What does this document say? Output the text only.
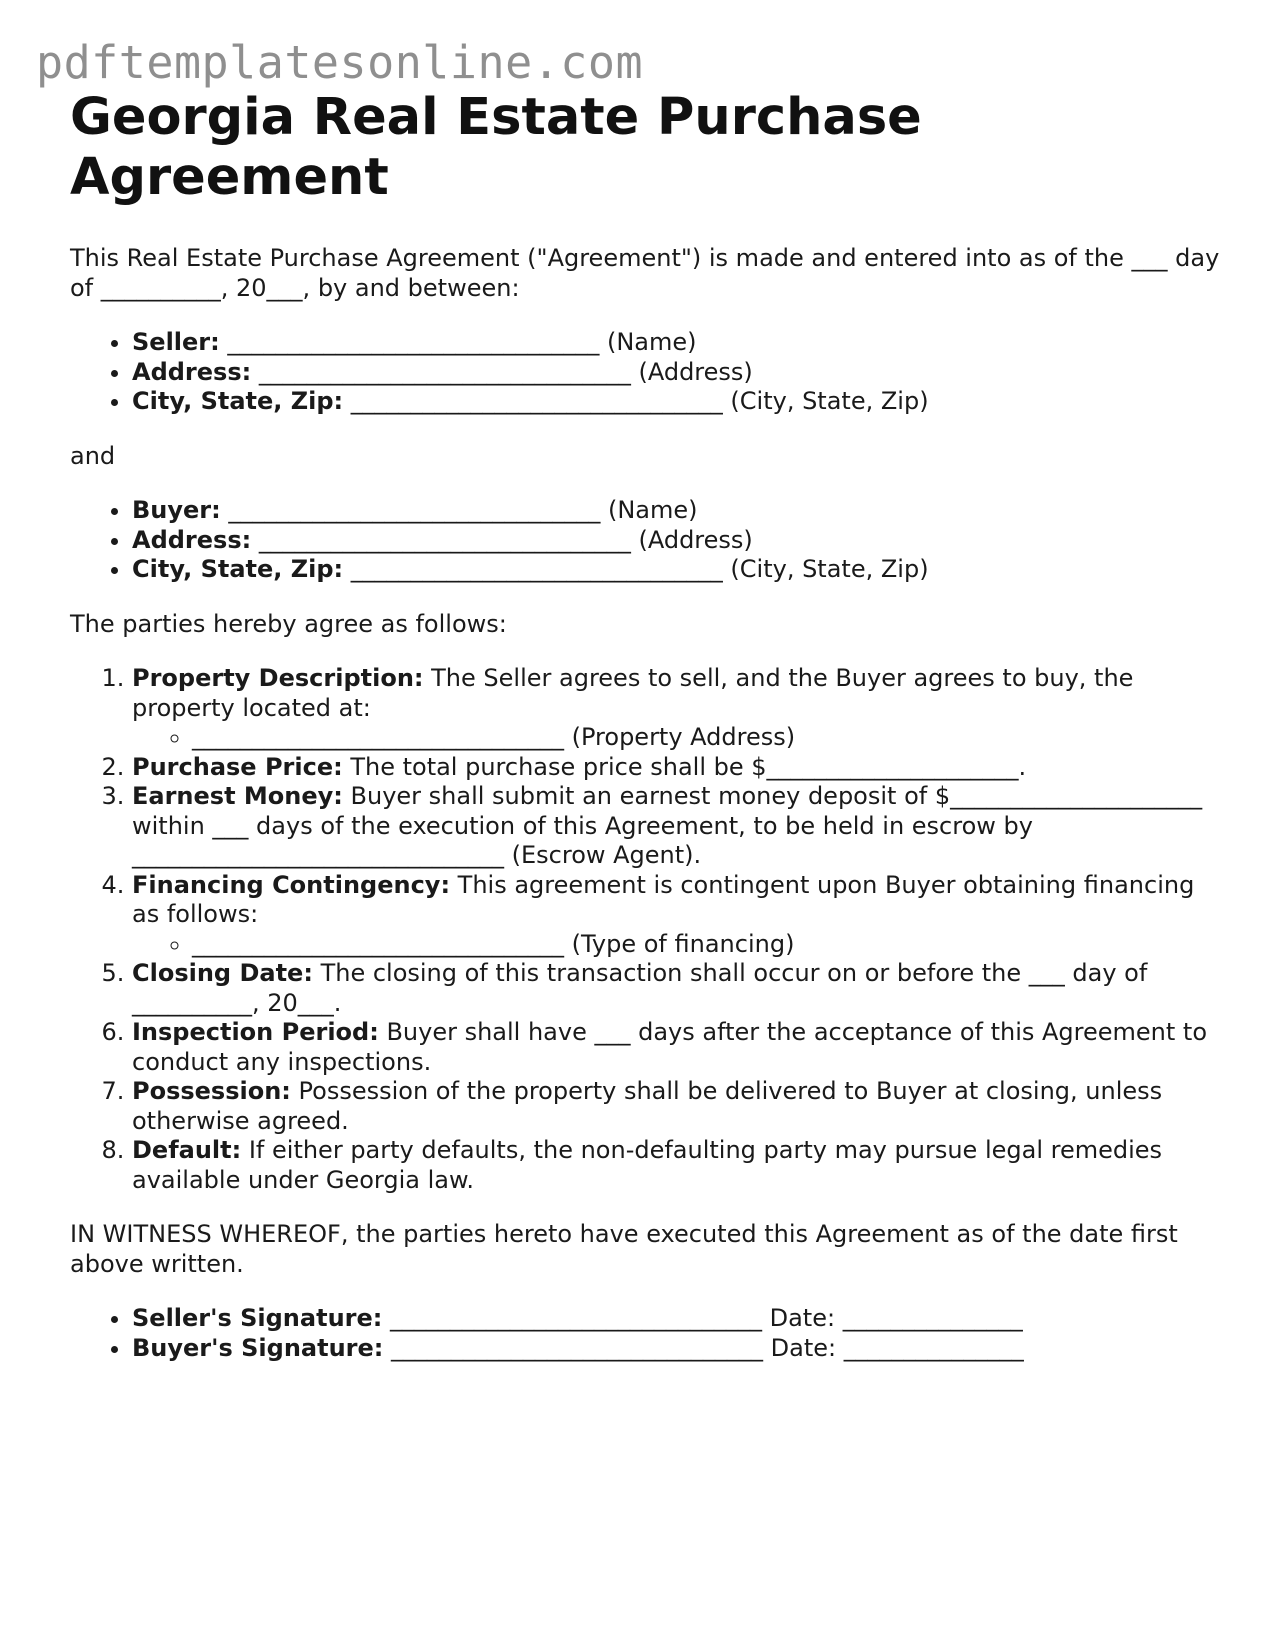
pdftemplatesonline.com
Georgia Real Estate Purchase Agreement

This Real Estate Purchase Agreement ("Agreement") is made and entered into as of the ___ day of __________, 20___, by and between:

• Seller: _______________________________ (Name)
• Address: _______________________________ (Address)
• City, State, Zip: _______________________________ (City, State, Zip)

and

• Buyer: _______________________________ (Name)
• Address: _______________________________ (Address)
• City, State, Zip: _______________________________ (City, State, Zip)

The parties hereby agree as follows:

1. Property Description: The Seller agrees to sell, and the Buyer agrees to buy, the property located at:
◦ _______________________________ (Property Address)
2. Purchase Price: The total purchase price shall be $_____________________.
3. Earnest Money: Buyer shall submit an earnest money deposit of $_____________________ within ___ days of the execution of this Agreement, to be held in escrow by _______________________________ (Escrow Agent).
4. Financing Contingency: This agreement is contingent upon Buyer obtaining financing as follows:
◦ _______________________________ (Type of financing)
5. Closing Date: The closing of this transaction shall occur on or before the ___ day of __________, 20___.
6. Inspection Period: Buyer shall have ___ days after the acceptance of this Agreement to conduct any inspections.
7. Possession: Possession of the property shall be delivered to Buyer at closing, unless otherwise agreed.
8. Default: If either party defaults, the non-defaulting party may pursue legal remedies available under Georgia law.

IN WITNESS WHEREOF, the parties hereto have executed this Agreement as of the date first above written.

• Seller's Signature: _______________________________ Date: _______________
• Buyer's Signature: _______________________________ Date: _______________
